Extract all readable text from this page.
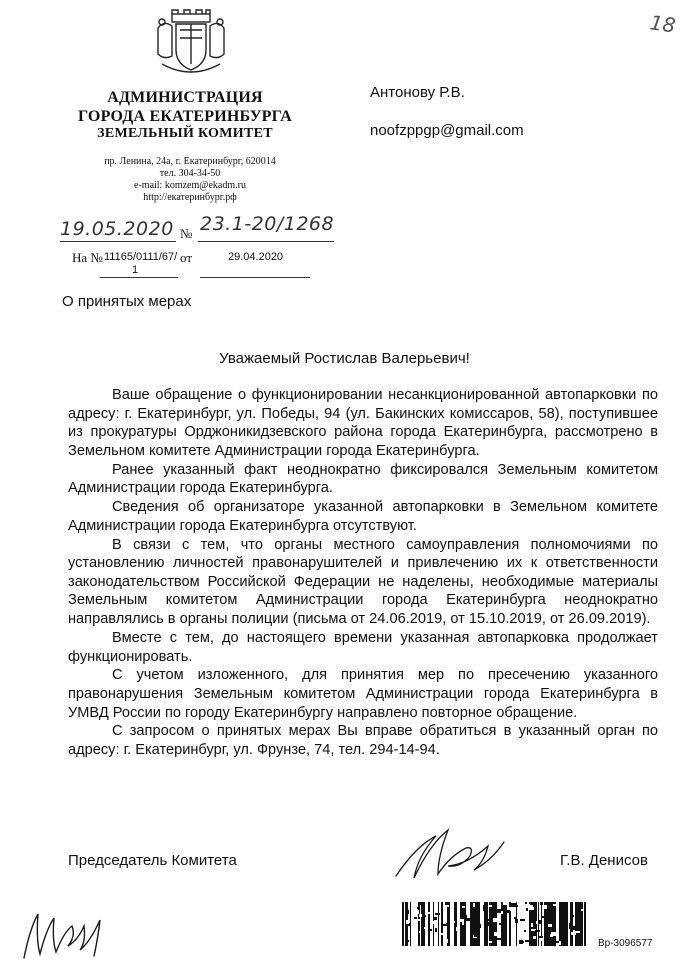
18
АДМИНИСТРАЦИЯ
ГОРОДА ЕКАТЕРИНБУРГА
ЗЕМЕЛЬНЫЙ КОМИТЕТ
пр. Ленина, 24а, г. Екатеринбург, 620014
тел. 304-34-50
e-mail: komzem@ekadm.ru
http://екатеринбург.рф
Антонову Р.В.
noofzppgp@gmail.com
19.05.2020 № 23.1-20/1268
На № 11165/0111/67/
1
от	29.04.2020
О принятых мерах
Уважаемый Ростислав Валерьевич!

Ваше обращение о функционировании несанкционированной автопарковки по адресу: г. Екатеринбург, ул. Победы, 94 (ул. Бакинских комиссаров, 58), поступившее из прокуратуры Орджоникидзевского района города Екатеринбурга, рассмотрено в Земельном комитете Администрации города Екатеринбурга.

Ранее указанный факт неоднократно фиксировался Земельным комитетом Администрации города Екатеринбурга.

Сведения об организаторе указанной автопарковки в Земельном комитете Администрации города Екатеринбурга отсутствуют.

В связи с тем, что органы местного самоуправления полномочиями по установлению личностей правонарушителей и привлечению их к ответственности законодательством Российской Федерации не наделены, необходимые материалы Земельным комитетом Администрации города Екатеринбурга неоднократно направлялись в органы полиции (письма от 24.06.2019, от 15.10.2019, от 26.09.2019).

Вместе с тем, до настоящего времени указанная автопарковка продолжает функционировать.

С учетом изложенного, для принятия мер по пресечению указанного правонарушения Земельным комитетом Администрации города Екатеринбурга в УМВД России по городу Екатеринбургу направлено повторное обращение.

С запросом о принятых мерах Вы вправе обратиться в указанный орган по адресу: г. Екатеринбург, ул. Фрунзе, 74, тел. 294-14-94.

Председатель Комитета	Г.В. Денисов
Вр-3096577
